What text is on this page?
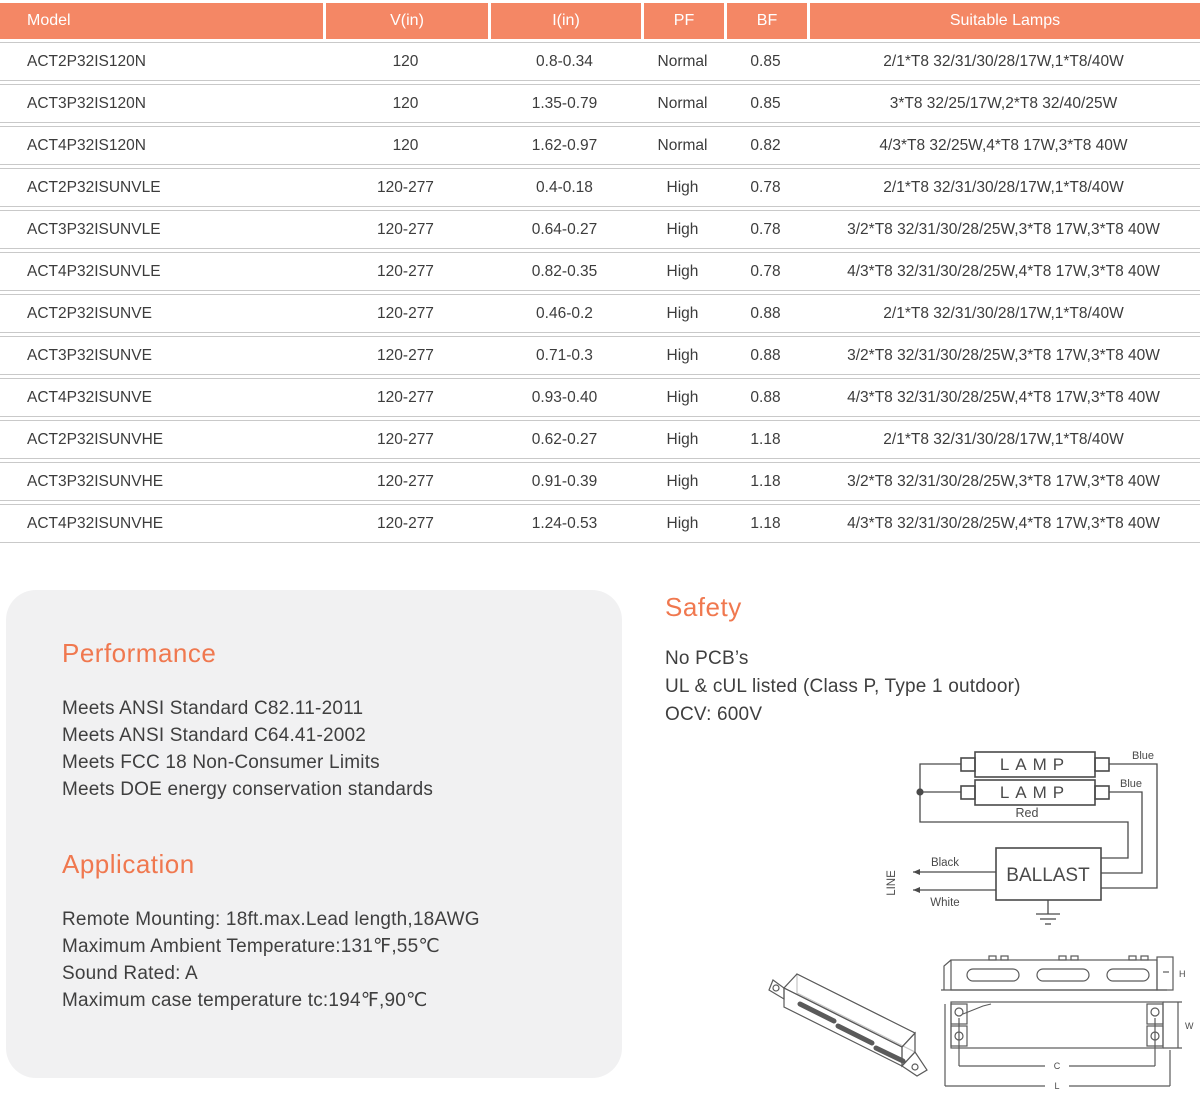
Model	V(in)	I(in)	PF	BF	Suitable Lamps
ACT2P32IS120N	120	0.8-0.34	Normal	0.85	2/1*T8 32/31/30/28/17W,1*T8/40W
ACT3P32IS120N	120	1.35-0.79	Normal	0.85	3*T8 32/25/17W,2*T8 32/40/25W
ACT4P32IS120N	120	1.62-0.97	Normal	0.82	4/3*T8 32/25W,4*T8 17W,3*T8 40W
ACT2P32ISUNVLE	120-277	0.4-0.18	High	0.78	2/1*T8 32/31/30/28/17W,1*T8/40W
ACT3P32ISUNVLE	120-277	0.64-0.27	High	0.78	3/2*T8 32/31/30/28/25W,3*T8 17W,3*T8 40W
ACT4P32ISUNVLE	120-277	0.82-0.35	High	0.78	4/3*T8 32/31/30/28/25W,4*T8 17W,3*T8 40W
ACT2P32ISUNVE	120-277	0.46-0.2	High	0.88	2/1*T8 32/31/30/28/17W,1*T8/40W
ACT3P32ISUNVE	120-277	0.71-0.3	High	0.88	3/2*T8 32/31/30/28/25W,3*T8 17W,3*T8 40W
ACT4P32ISUNVE	120-277	0.93-0.40	High	0.88	4/3*T8 32/31/30/28/25W,4*T8 17W,3*T8 40W
ACT2P32ISUNVHE	120-277	0.62-0.27	High	1.18	2/1*T8 32/31/30/28/17W,1*T8/40W
ACT3P32ISUNVHE	120-277	0.91-0.39	High	1.18	3/2*T8 32/31/30/28/25W,3*T8 17W,3*T8 40W
ACT4P32ISUNVHE	120-277	1.24-0.53	High	1.18	4/3*T8 32/31/30/28/25W,4*T8 17W,3*T8 40W
Performance
Meets ANSI Standard C82.11-2011
Meets ANSI Standard C64.41-2002
Meets FCC 18 Non-Consumer Limits
Meets DOE energy conservation standards
Application
Remote Mounting: 18ft.max.Lead length,18AWG
Maximum Ambient Temperature:131℉,55℃
Sound Rated: A
Maximum case temperature tc:194℉,90℃
Safety
No PCB’s
UL & cUL listed (Class P, Type 1 outdoor)
OCV: 600V
LAMP
LAMP
BALLAST
Blue
Blue
Red
Black
White
LINE
H
W
C
L
